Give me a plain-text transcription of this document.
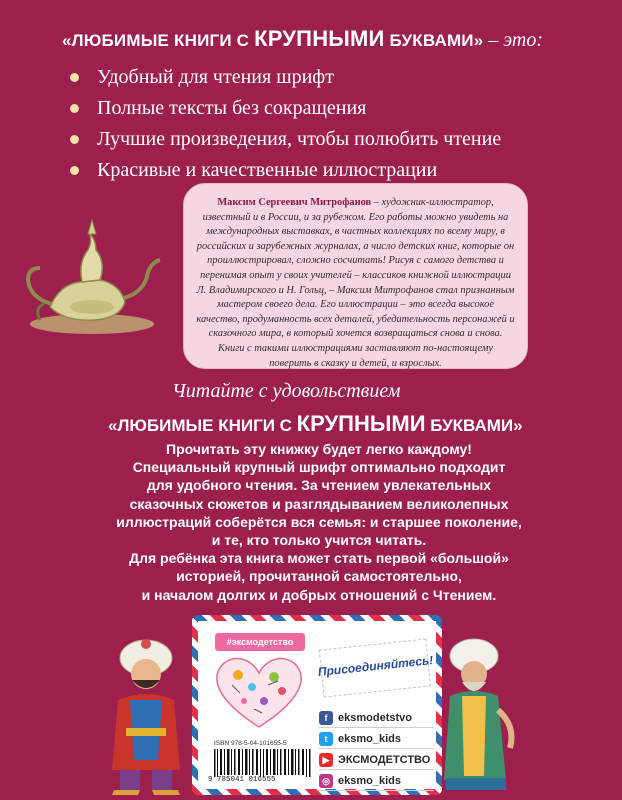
«ЛЮБИМЫЕ КНИГИ С КРУПНЫМИ БУКВАМИ» – это:
Удобный для чтения шрифт
Полные тексты без сокращения
Лучшие произведения, чтобы полюбить чтение
Красивые и качественные иллюстрации
Максим Сергеевич Митрофанов – художник-иллюстратор, известный и в России, и за рубежом. Его работы можно увидеть на международных выставках, в частных коллекциях по всему миру, в российских и зарубежных журналах, а число детских книг, которые он проиллюстрировал, сложно сосчитать! Рисуя с самого детства и перенимая опыт у своих учителей – классиков книжной иллюстрации Л. Владимирского и Н. Гольц, – Максим Митрофанов стал признанным мастером своего дела. Его иллюстрации – это всегда высокое качество, продуманность всех деталей, убедительность персонажей и сказочного мира, в который хочется возвращаться снова и снова. Книги с такими иллюстрациями заставляют по-настоящему поверить в сказку и детей, и взрослых.
Читайте с удовольствием
«ЛЮБИМЫЕ КНИГИ С КРУПНЫМИ БУКВАМИ»

Прочитать эту книжку будет легко каждому!

Специальный крупный шрифт оптимально подходит

для удобного чтения. За чтением увлекательных

сказочных сюжетов и разглядыванием великолепных

иллюстраций соберётся вся семья: и старшее поколение,

и те, кто только учится читать.

Для ребёнка эта книга может стать первой «большой»

историей, прочитанной самостоятельно,

и началом долгих и добрых отношений с Чтением.

#эксмодетство
Присоединяйтесь!
f eksmodetstvo
t eksmo_kids
▶ ЭКСМОДЕТСТВО
◎ eksmo_kids
ISBN 978-5-04-101655-5
9 785041 016555
